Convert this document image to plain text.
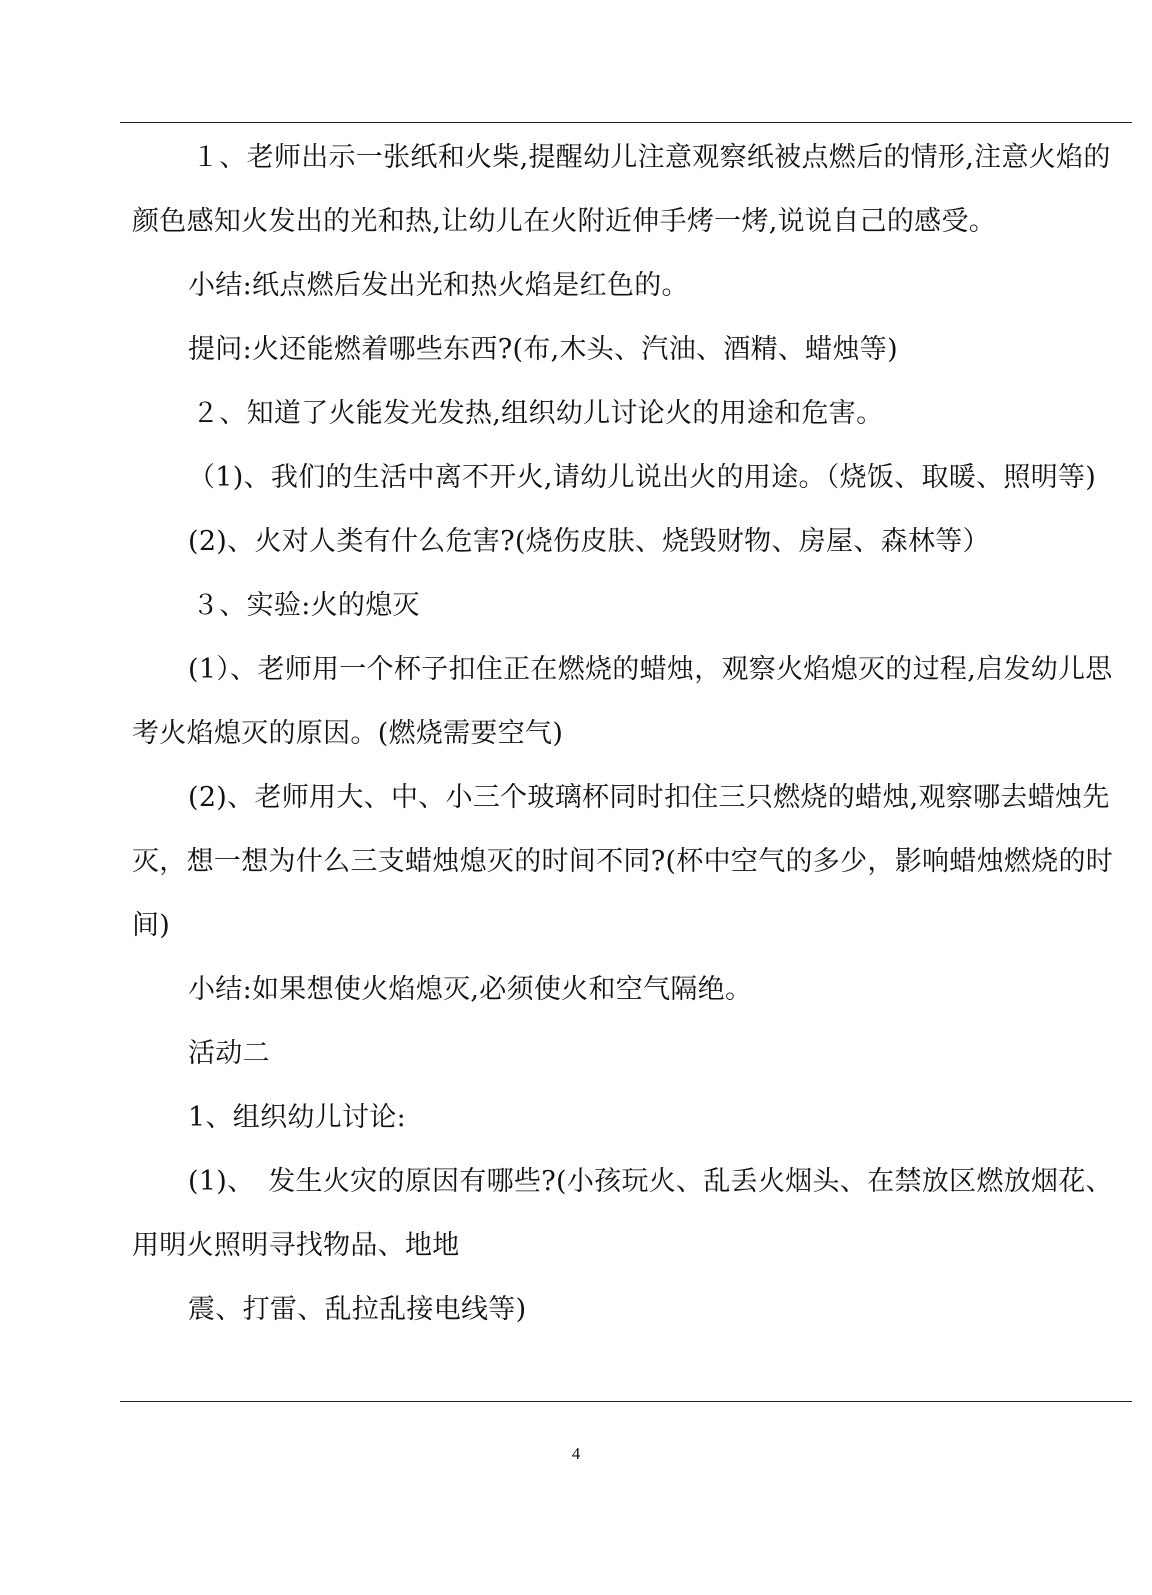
１、老师出示一张纸和火柴,提醒幼儿注意观察纸被点燃后的情形,注意火焰的颜色感知火发出的光和热,让幼儿在火附近伸手烤一烤,说说自己的感受。

小结:纸点燃后发出光和热火焰是红色的。

提问:火还能燃着哪些东西?(布,木头、汽油、酒精、蜡烛等)

２、知道了火能发光发热,组织幼儿讨论火的用途和危害。

（1)、我们的生活中离不开火,请幼儿说出火的用途。（烧饭、取暖、照明等)

(2)、火对人类有什么危害?(烧伤皮肤、烧毁财物、房屋、森林等）

３、实验:火的熄灭

(1）、老师用一个杯子扣住正在燃烧的蜡烛，观察火焰熄灭的过程,启发幼儿思考火焰熄灭的原因。(燃烧需要空气)

(2)、老师用大、中、小三个玻璃杯同时扣住三只燃烧的蜡烛,观察哪去蜡烛先灭，想一想为什么三支蜡烛熄灭的时间不同?(杯中空气的多少，影响蜡烛燃烧的时间)

小结:如果想使火焰熄灭,必须使火和空气隔绝。

活动二

1、组织幼儿讨论:

(1)、　发生火灾的原因有哪些?(小孩玩火、乱丢火烟头、在禁放区燃放烟花、用明火照明寻找物品、地地

震、打雷、乱拉乱接电线等)

4
